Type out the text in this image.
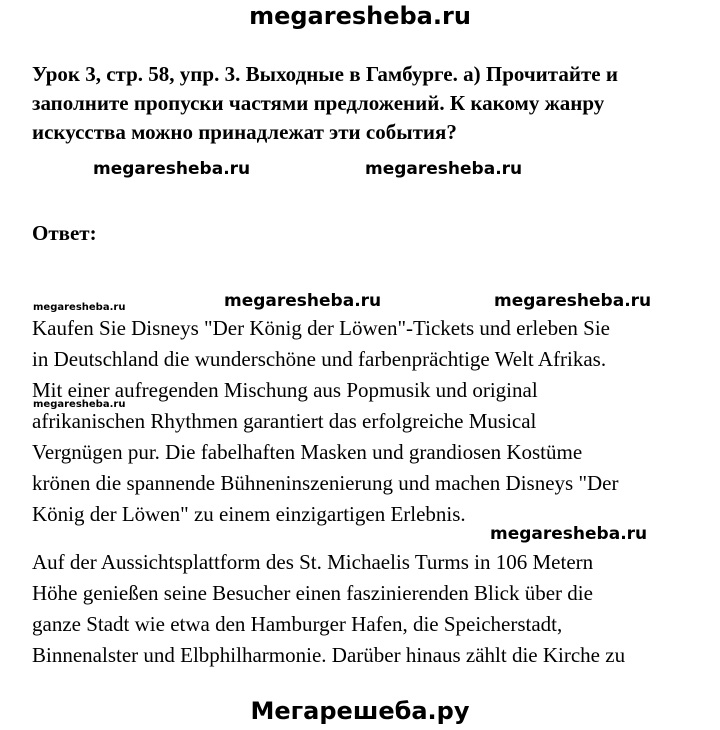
megaresheba.ru
Урок 3, стр. 58, упр. 3. Выходные в Гамбурге. а) Прочитайте и
заполните пропуски частями предложений. К какому жанру
искусства можно принадлежат эти события?
megaresheba.ru	megaresheba.ru
Ответ:
megaresheba.ru	megaresheba.ru	megaresheba.ru
Kaufen Sie Disneys "Der König der Löwen"-Tickets und erleben Sie
in Deutschland die wunderschöne und farbenprächtige Welt Afrikas.
Mit einer aufregenden Mischung aus Popmusik und original
afrikanischen Rhythmen garantiert das erfolgreiche Musical
Vergnügen pur. Die fabelhaften Masken und grandiosen Kostüme
krönen die spannende Bühneninszenierung und machen Disneys "Der
König der Löwen" zu einem einzigartigen Erlebnis.
megaresheba.ru
megaresheba.ru
Auf der Aussichtsplattform des St. Michaelis Turms in 106 Metern
Höhe genießen seine Besucher einen faszinierenden Blick über die
ganze Stadt wie etwa den Hamburger Hafen, die Speicherstadt,
Binnenalster und Elbphilharmonie. Darüber hinaus zählt die Kirche zu
Мегарешеба.ру
